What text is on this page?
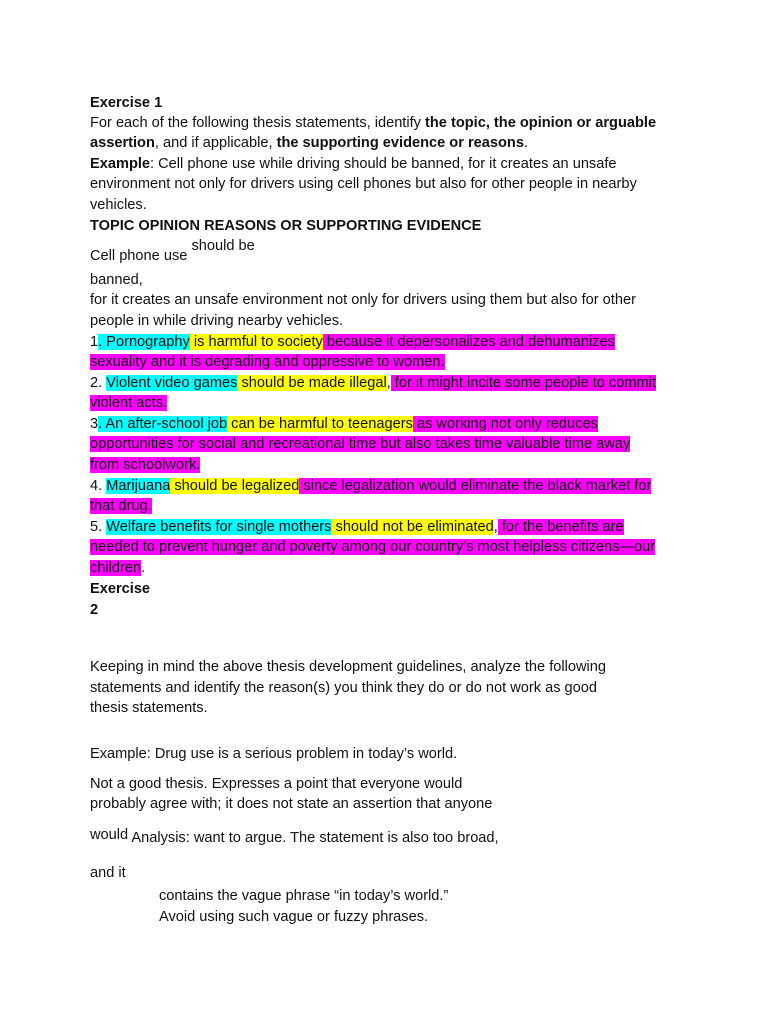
Exercise 1
For each of the following thesis statements, identify the topic, the opinion or arguable
assertion, and if applicable, the supporting evidence or reasons.
Example: Cell phone use while driving should be banned, for it creates an unsafe
environment not only for drivers using cell phones but also for other people in nearby
vehicles.
TOPIC OPINION REASONS OR SUPPORTING EVIDENCE
Cell phone use should be
banned,
for it creates an unsafe environment not only for drivers using them but also for other
people in while driving nearby vehicles.
1. Pornography is harmful to society because it depersonalizes and dehumanizes
sexuality and it is degrading and oppressive to women.
2. Violent video games should be made illegal, for it might incite some people to commit
violent acts.
3. An after-school job can be harmful to teenagers as working not only reduces
opportunities for social and recreational time but also takes time valuable time away
from schoolwork.
4. Marijuana should be legalized since legalization would eliminate the black market for
that drug.
5. Welfare benefits for single mothers should not be eliminated, for the benefits are
needed to prevent hunger and poverty among our country’s most helpless citizens—our
children.
Exercise
2
Keeping in mind the above thesis development guidelines, analyze the following
statements and identify the reason(s) you think they do or do not work as good
thesis statements.
Example: Drug use is a serious problem in today’s world.
Not a good thesis. Expresses a point that everyone would
probably agree with; it does not state an assertion that anyone
would Analysis: want to argue. The statement is also too broad,
and it
contains the vague phrase “in today’s world.”
Avoid using such vague or fuzzy phrases.
